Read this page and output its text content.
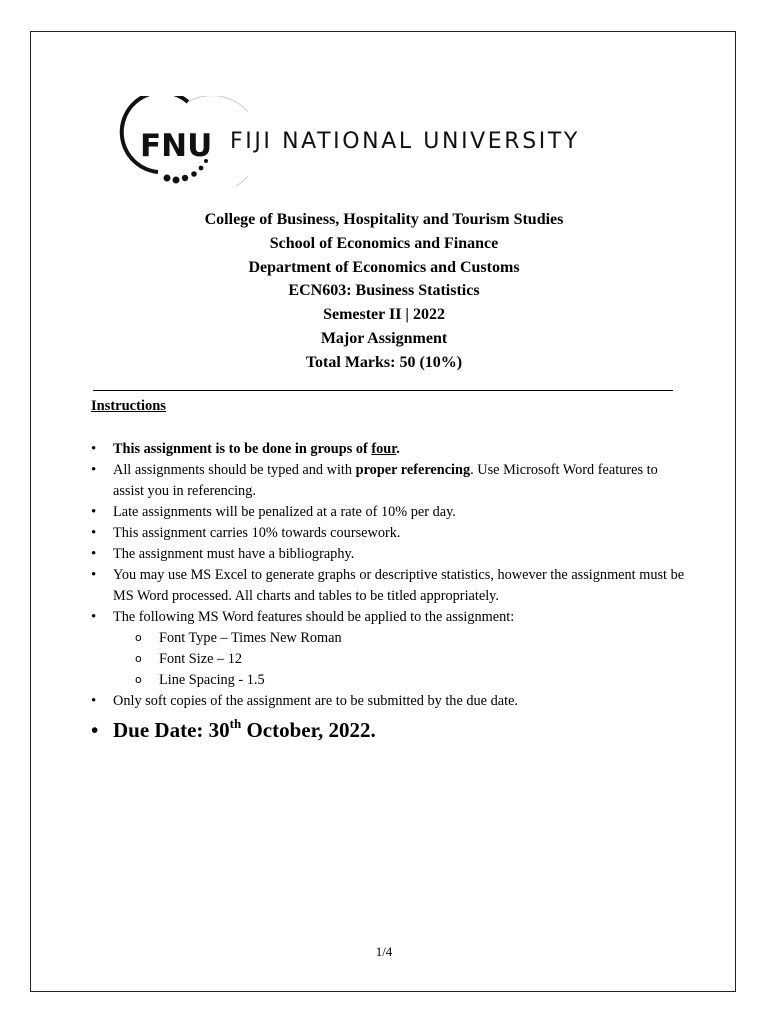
FNU FIJI NATIONAL UNIVERSITY
College of Business, Hospitality and Tourism Studies
School of Economics and Finance
Department of Economics and Customs
ECN603: Business Statistics
Semester II | 2022
Major Assignment
Total Marks: 50 (10%)
Instructions
• This assignment is to be done in groups of four.
• All assignments should be typed and with proper referencing. Use Microsoft Word features to assist you in referencing.
• Late assignments will be penalized at a rate of 10% per day.
• This assignment carries 10% towards coursework.
• The assignment must have a bibliography.
• You may use MS Excel to generate graphs or descriptive statistics, however the assignment must be MS Word processed. All charts and tables to be titled appropriately.
• The following MS Word features should be applied to the assignment:
o Font Type – Times New Roman
o Font Size – 12
o Line Spacing - 1.5
• Only soft copies of the assignment are to be submitted by the due date.
• Due Date: 30th October, 2022.
1/4
